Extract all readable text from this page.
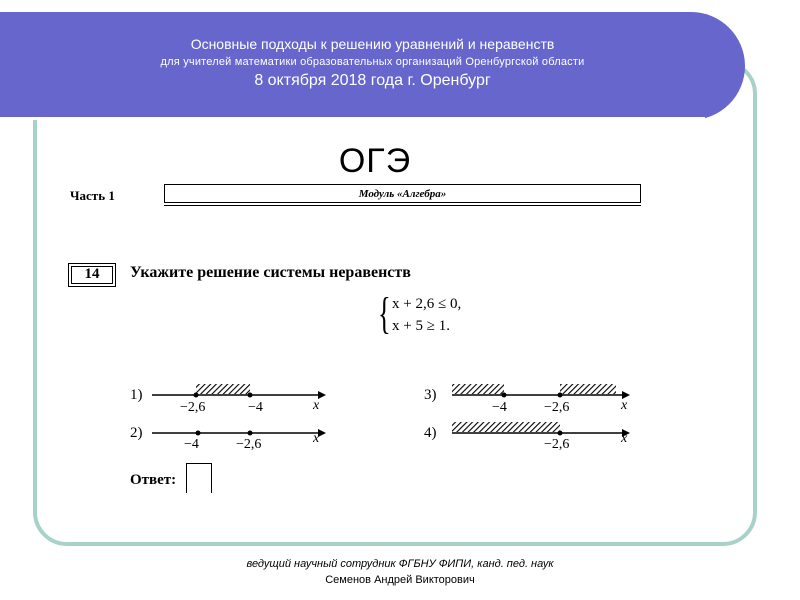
Основные подходы к решению уравнений и неравенств
для учителей математики образовательных организаций Оренбургской области
8 октября 2018 года г. Оренбург
ОГЭ
Часть 1	Модуль «Алгебра»
14	Укажите решение системы неравенств
{ x + 2,6 ≤ 0,
x + 5 ≥ 1.
1)
−2,6	−4	x
2)
−4	−2,6	x
3)
−4	−2,6	x
4)
−2,6	x
Ответ:
ведущий научный сотрудник ФГБНУ ФИПИ, канд. пед. наук
Семенов Андрей Викторович
